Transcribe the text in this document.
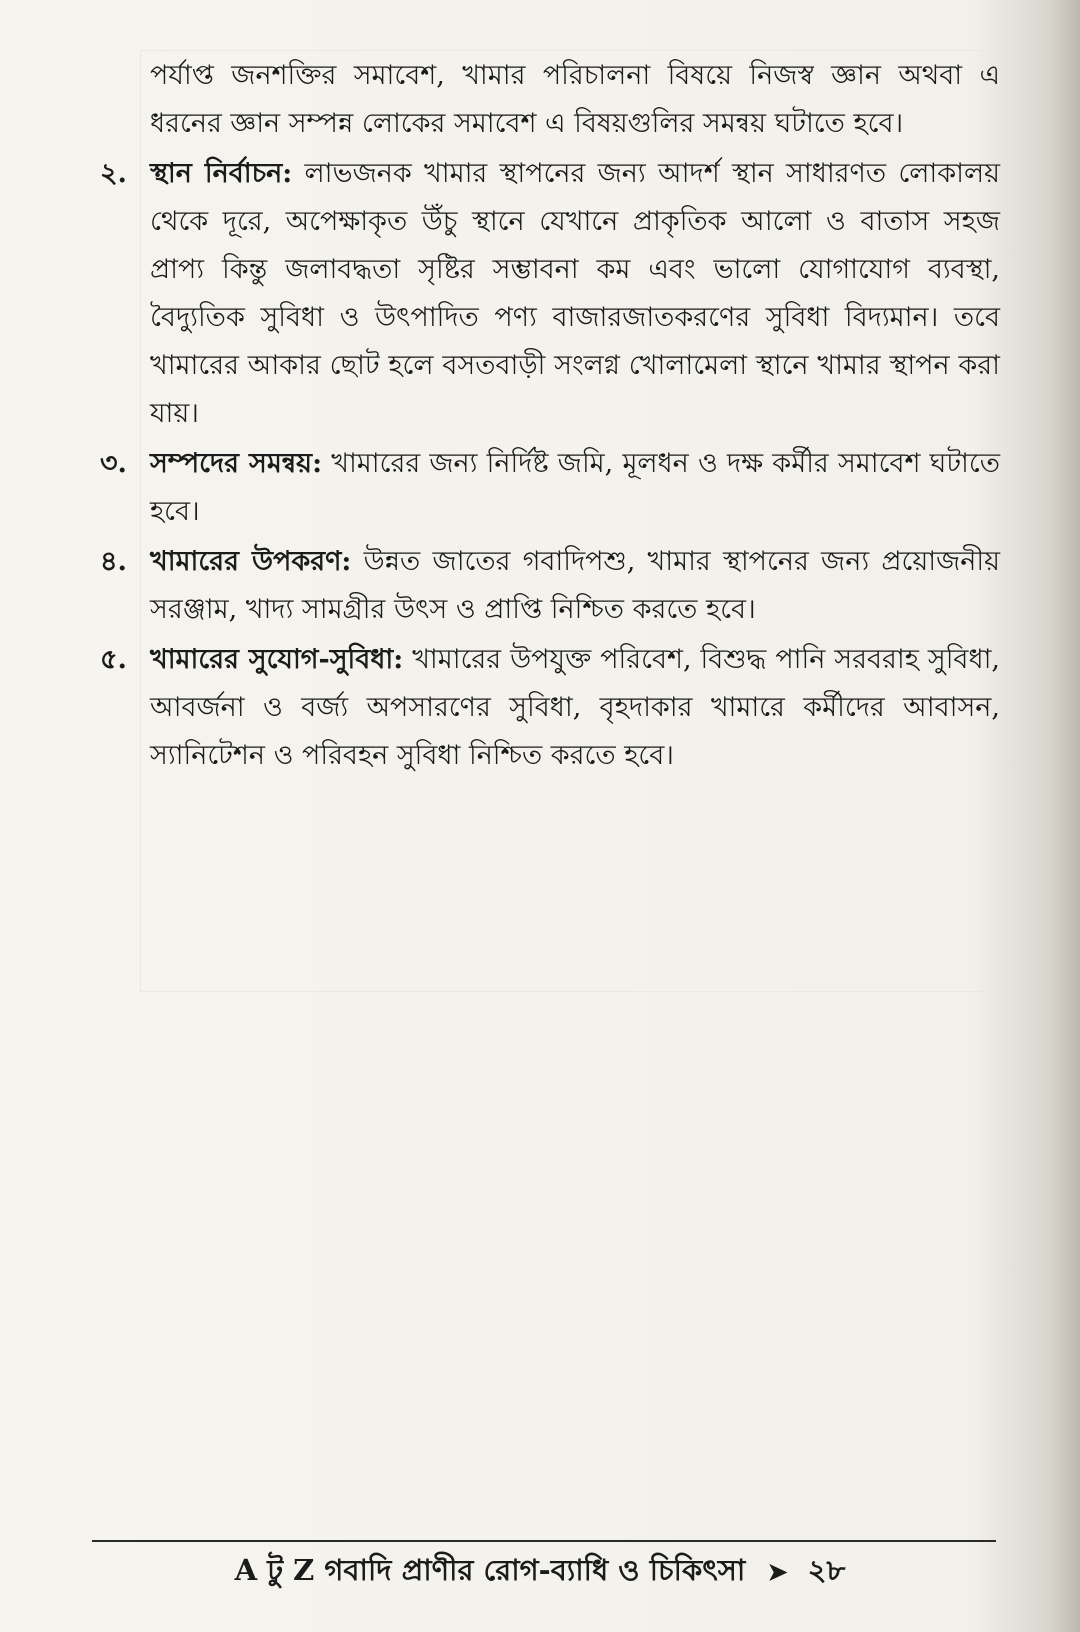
পর্যাপ্ত জনশক্তির সমাবেশ, খামার পরিচালনা বিষয়ে নিজস্ব জ্ঞান অথবা এ ধরনের জ্ঞান সম্পন্ন লোকের সমাবেশ এ বিষয়গুলির সমন্বয় ঘটাতে হবে।

২. স্থান নির্বাচন: লাভজনক খামার স্থাপনের জন্য আদর্শ স্থান সাধারণত লোকালয় থেকে দূরে, অপেক্ষাকৃত উঁচু স্থানে যেখানে প্রাকৃতিক আলো ও বাতাস সহজ প্রাপ্য কিন্তু জলাবদ্ধতা সৃষ্টির সম্ভাবনা কম এবং ভালো যোগাযোগ ব্যবস্থা, বৈদ্যুতিক সুবিধা ও উৎপাদিত পণ্য বাজারজাতকরণের সুবিধা বিদ্যমান। তবে খামারের আকার ছোট হলে বসতবাড়ী সংলগ্ন খোলামেলা স্থানে খামার স্থাপন করা যায়।

৩. সম্পদের সমন্বয়: খামারের জন্য নির্দিষ্ট জমি, মূলধন ও দক্ষ কর্মীর সমাবেশ ঘটাতে হবে।

৪. খামারের উপকরণ: উন্নত জাতের গবাদিপশু, খামার স্থাপনের জন্য প্রয়োজনীয় সরঞ্জাম, খাদ্য সামগ্রীর উৎস ও প্রাপ্তি নিশ্চিত করতে হবে।

৫. খামারের সুযোগ-সুবিধা: খামারের উপযুক্ত পরিবেশ, বিশুদ্ধ পানি সরবরাহ সুবিধা, আবর্জনা ও বর্জ্য অপসারণের সুবিধা, বৃহদাকার খামারে কর্মীদের আবাসন, স্যানিটেশন ও পরিবহন সুবিধা নিশ্চিত করতে হবে।

A টু Z গবাদি প্রাণীর রোগ-ব্যাধি ও চিকিৎসা ➤ ২৮
